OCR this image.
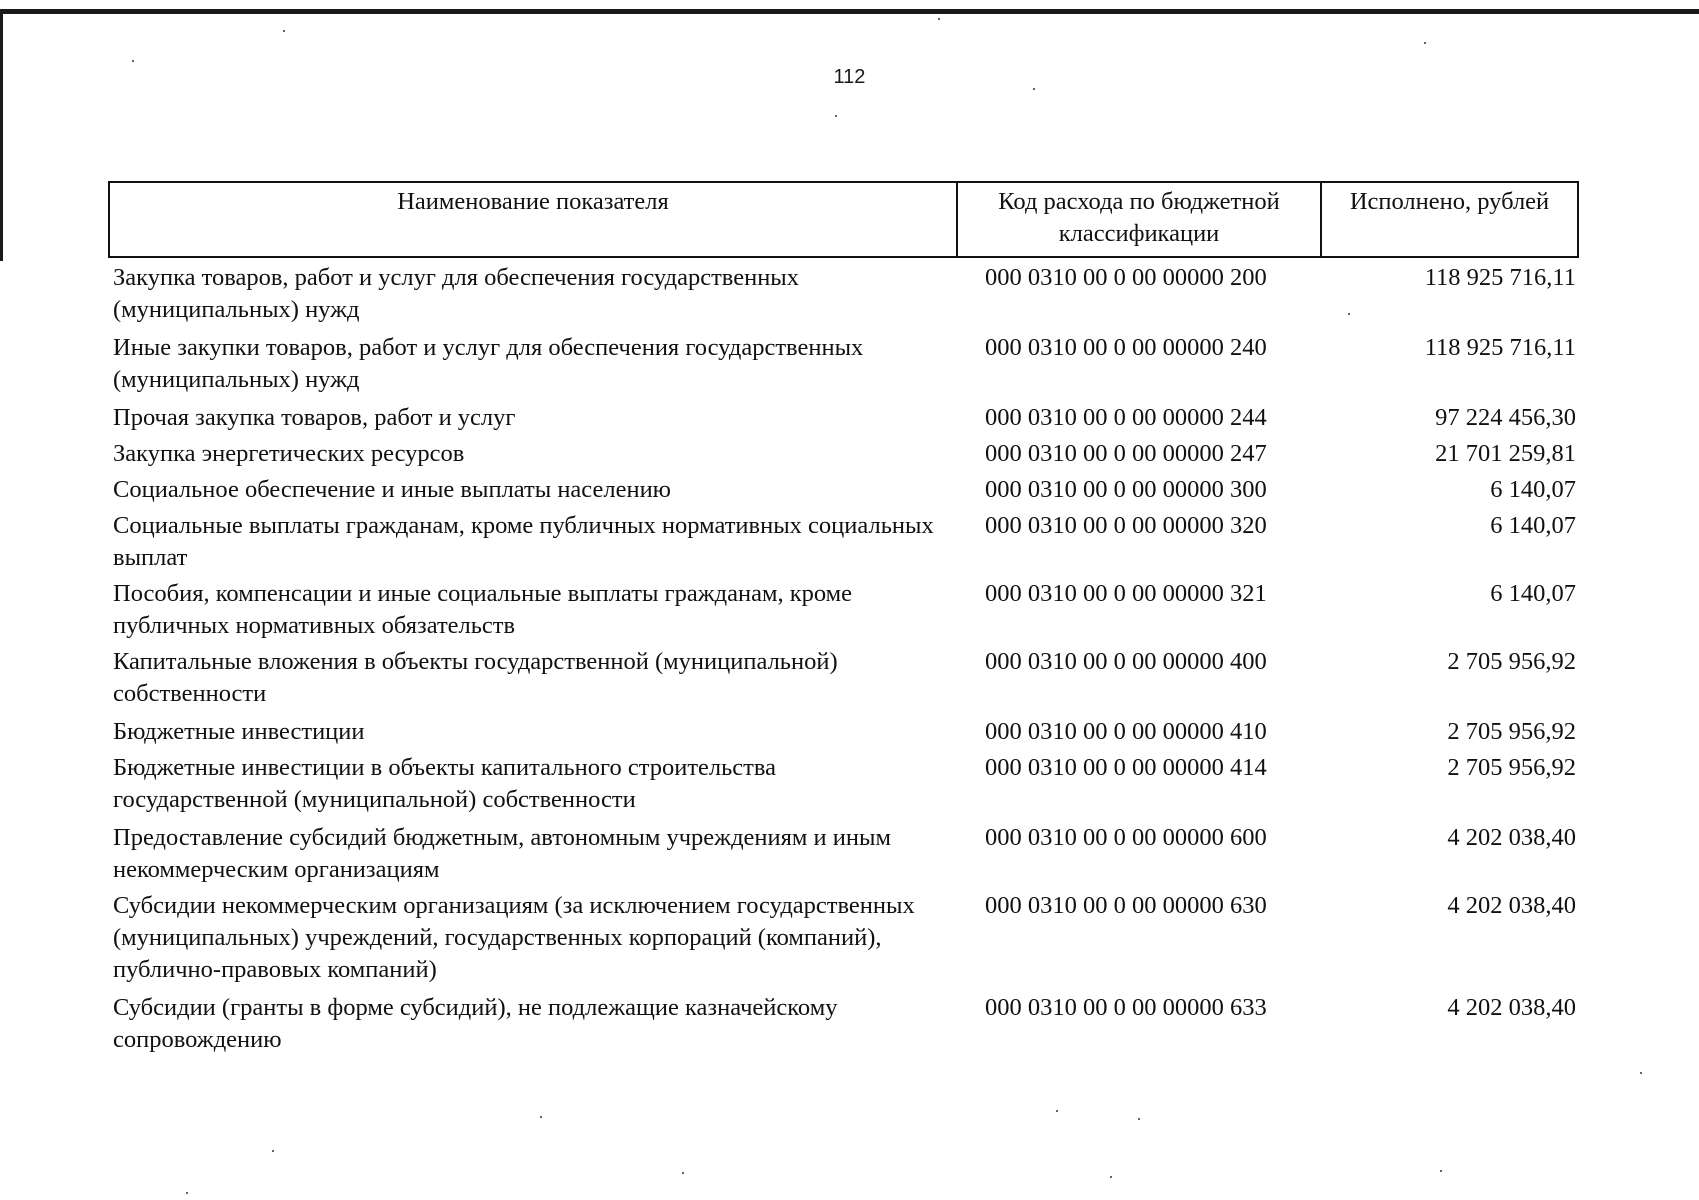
112
Наименование показателя	Код расхода по бюджетной классификации	Исполнено, рублей
Закупка товаров, работ и услуг для обеспечения государственных (муниципальных) нужд	000 0310 00 0 00 00000 200	118 925 716,11
Иные закупки товаров, работ и услуг для обеспечения государственных (муниципальных) нужд	000 0310 00 0 00 00000 240	118 925 716,11
Прочая закупка товаров, работ и услуг	000 0310 00 0 00 00000 244	97 224 456,30
Закупка энергетических ресурсов	000 0310 00 0 00 00000 247	21 701 259,81
Социальное обеспечение и иные выплаты населению	000 0310 00 0 00 00000 300	6 140,07
Социальные выплаты гражданам, кроме публичных нормативных социальных выплат	000 0310 00 0 00 00000 320	6 140,07
Пособия, компенсации и иные социальные выплаты гражданам, кроме публичных нормативных обязательств	000 0310 00 0 00 00000 321	6 140,07
Капитальные вложения в объекты государственной (муниципальной) собственности	000 0310 00 0 00 00000 400	2 705 956,92
Бюджетные инвестиции	000 0310 00 0 00 00000 410	2 705 956,92
Бюджетные инвестиции в объекты капитального строительства государственной (муниципальной) собственности	000 0310 00 0 00 00000 414	2 705 956,92
Предоставление субсидий бюджетным, автономным учреждениям и иным некоммерческим организациям	000 0310 00 0 00 00000 600	4 202 038,40
Субсидии некоммерческим организациям (за исключением государственных (муниципальных) учреждений, государственных корпораций (компаний), публично-правовых компаний)	000 0310 00 0 00 00000 630	4 202 038,40
Субсидии (гранты в форме субсидий), не подлежащие казначейскому сопровождению	000 0310 00 0 00 00000 633	4 202 038,40
